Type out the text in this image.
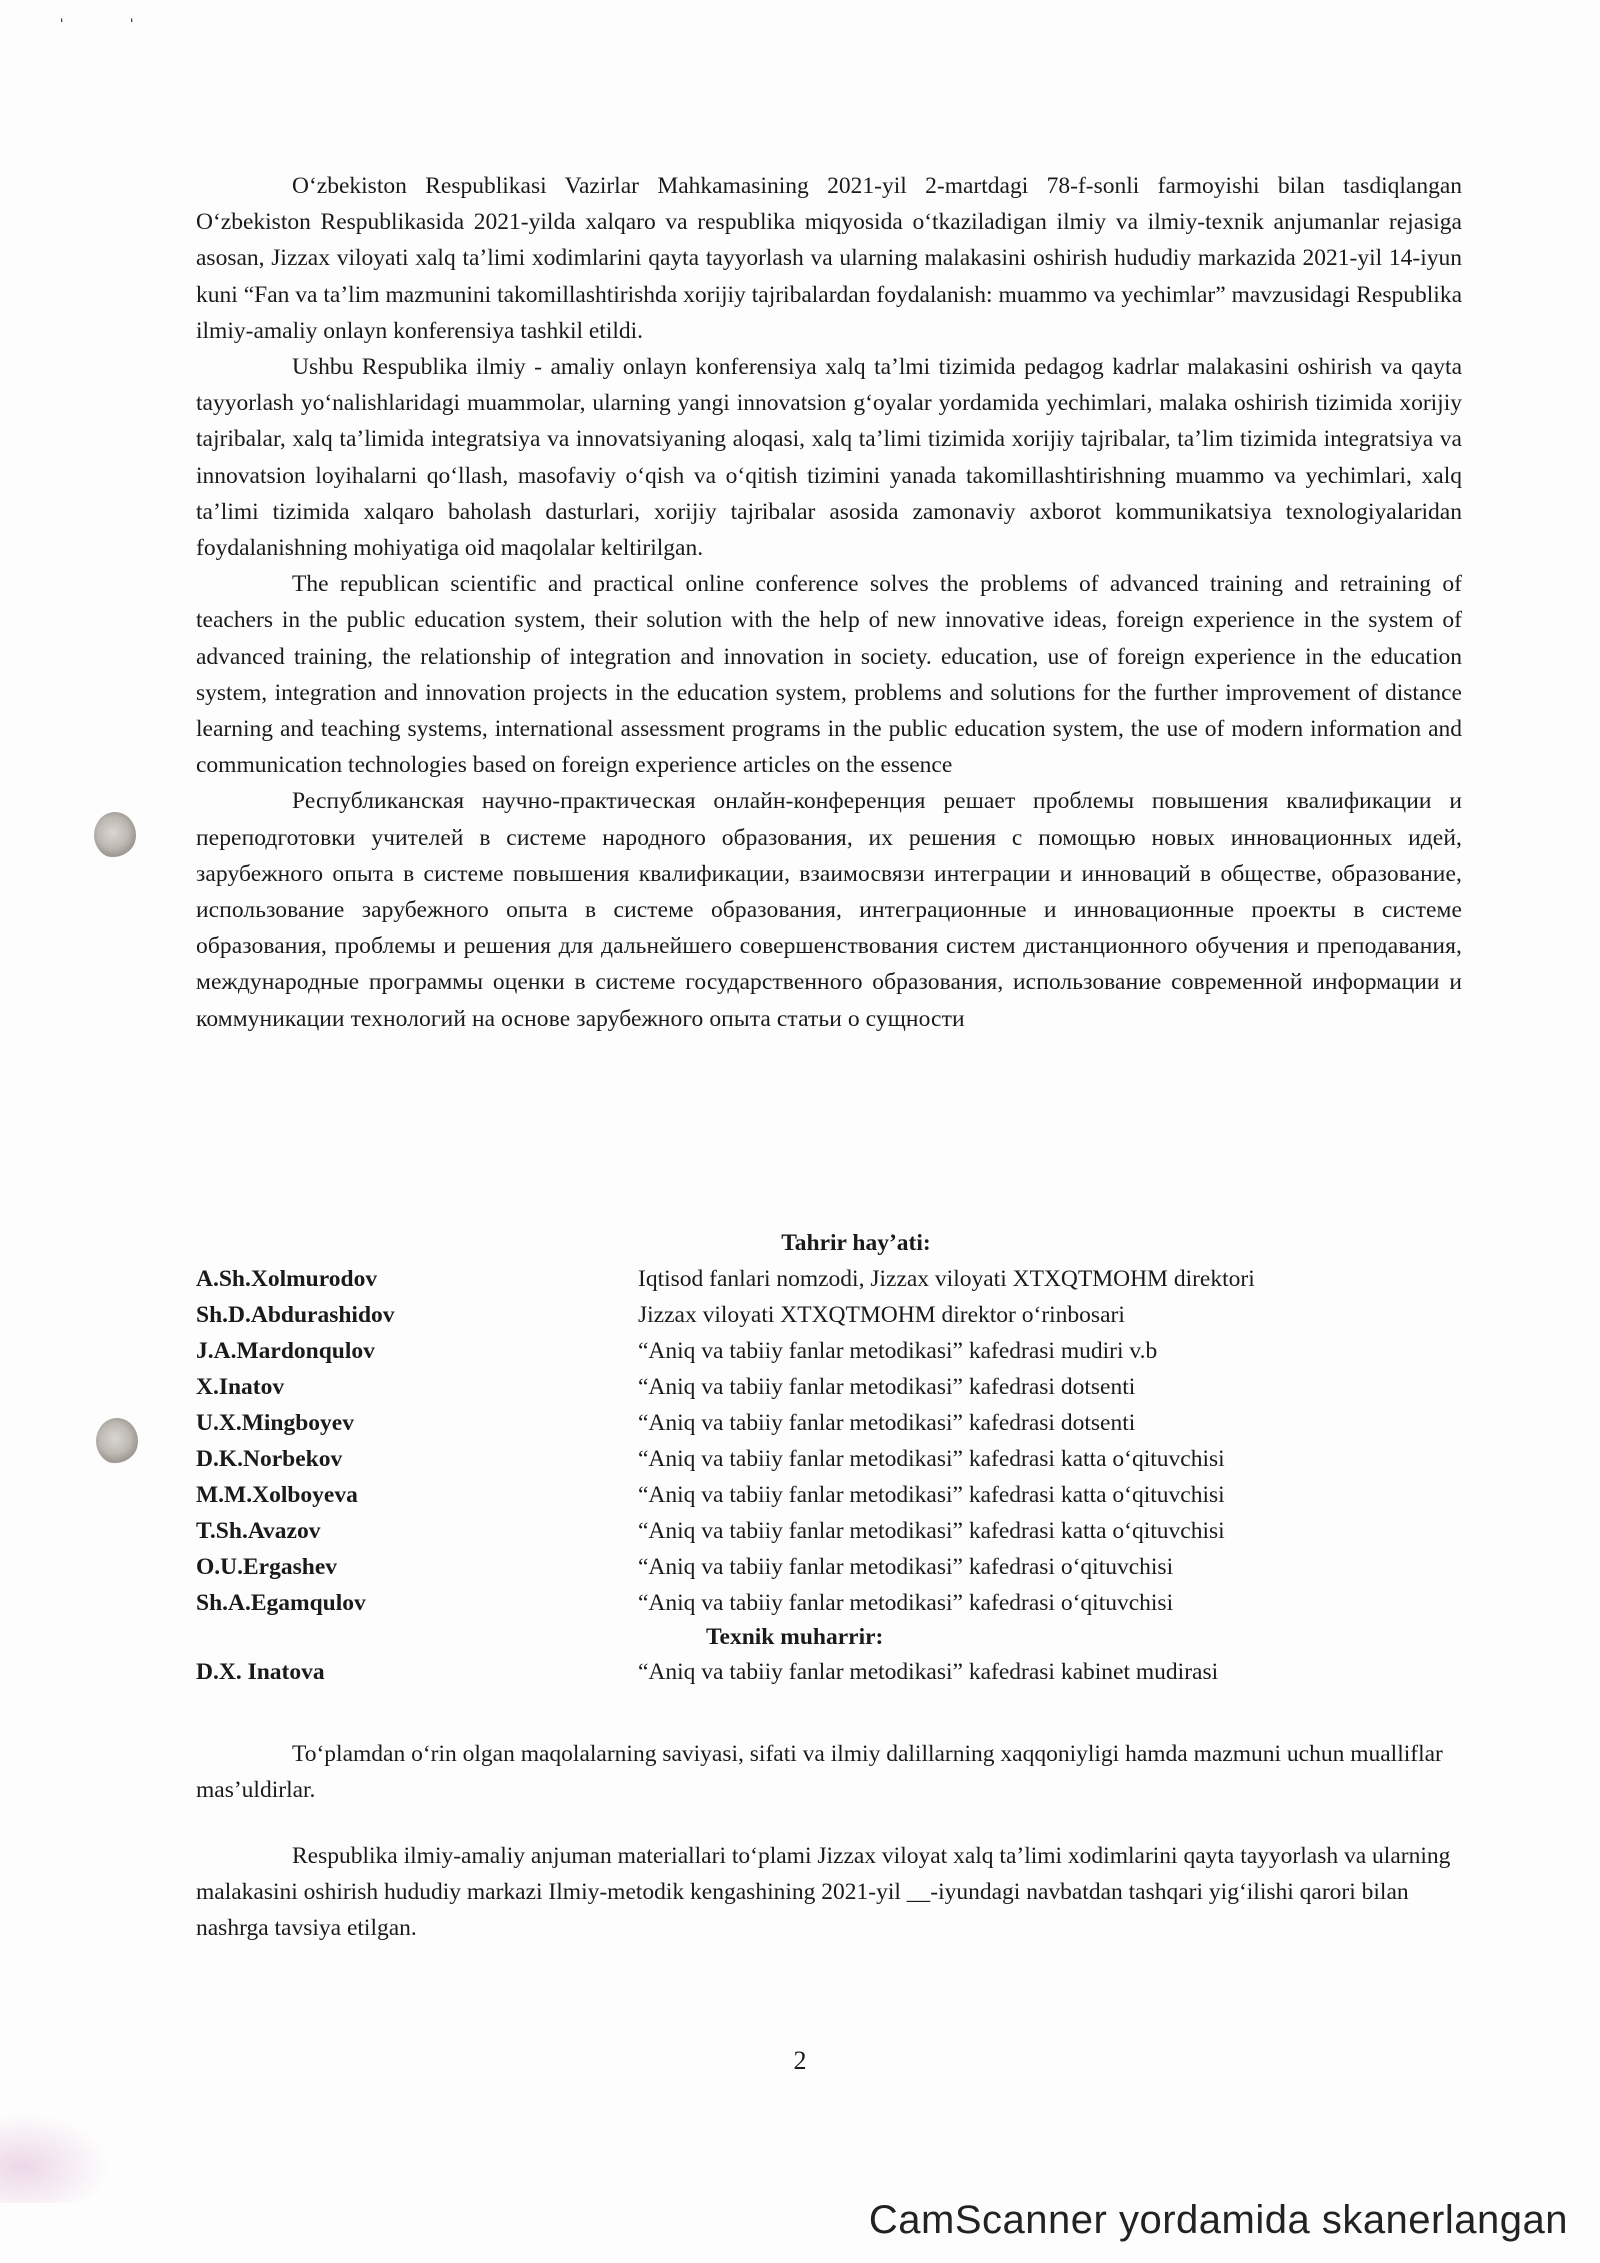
ˈ	ˈ

O‘zbekiston Respublikasi Vazirlar Mahkamasining 2021-yil 2-martdagi 78-f-sonli farmoyishi bilan tasdiqlangan O‘zbekiston Respublikasida 2021-yilda xalqaro va respublika miqyosida o‘tkaziladigan ilmiy va ilmiy-texnik anjumanlar rejasiga asosan, Jizzax viloyati xalq ta’limi xodimlarini qayta tayyorlash va ularning malakasini oshirish hududiy markazida 2021-yil 14-iyun kuni “Fan va ta’lim mazmunini takomillashtirishda xorijiy tajribalardan foydalanish: muammo va yechimlar” mavzusidagi Respublika ilmiy-amaliy onlayn konferensiya tashkil etildi.

Ushbu Respublika ilmiy - amaliy onlayn konferensiya xalq ta’lmi tizimida pedagog kadrlar malakasini oshirish va qayta tayyorlash yo‘nalishlaridagi muammolar, ularning yangi innovatsion g‘oyalar yordamida yechimlari, malaka oshirish tizimida xorijiy tajribalar, xalq ta’limida integratsiya va innovatsiyaning aloqasi, xalq ta’limi tizimida xorijiy tajribalar, ta’lim tizimida integratsiya va innovatsion loyihalarni qo‘llash, masofaviy o‘qish va o‘qitish tizimini yanada takomillashtirishning muammo va yechimlari, xalq ta’limi tizimida xalqaro baholash dasturlari, xorijiy tajribalar asosida zamonaviy axborot kommunikatsiya texnologiyalaridan foydalanishning mohiyatiga oid maqolalar keltirilgan.

The republican scientific and practical online conference solves the problems of advanced training and retraining of teachers in the public education system, their solution with the help of new innovative ideas, foreign experience in the system of advanced training, the relationship of integration and innovation in society. education, use of foreign experience in the education system, integration and innovation projects in the education system, problems and solutions for the further improvement of distance learning and teaching systems, international assessment programs in the public education system, the use of modern information and communication technologies based on foreign experience articles on the essence

Республиканская научно-практическая онлайн-конференция решает проблемы повышения квалификации и переподготовки учителей в системе народного образования, их решения с помощью новых инновационных идей, зарубежного опыта в системе повышения квалификации, взаимосвязи интеграции и инноваций в обществе, образование, использование зарубежного опыта в системе образования, интеграционные и инновационные проекты в системе образования, проблемы и решения для дальнейшего совершенствования систем дистанционного обучения и преподавания, международные программы оценки в системе государственного образования, использование современной информации и коммуникации технологий на основе зарубежного опыта статьи о сущности

Tahrir hay’ati:
A.Sh.Xolmurodov	Iqtisod fanlari nomzodi, Jizzax viloyati XTXQTMOHM direktori
Sh.D.Abdurashidov	Jizzax viloyati XTXQTMOHM direktor o‘rinbosari
J.A.Mardonqulov	“Aniq va tabiiy fanlar metodikasi” kafedrasi mudiri v.b
X.Inatov	“Aniq va tabiiy fanlar metodikasi” kafedrasi dotsenti
U.X.Mingboyev	“Aniq va tabiiy fanlar metodikasi” kafedrasi dotsenti
D.K.Norbekov	“Aniq va tabiiy fanlar metodikasi” kafedrasi katta o‘qituvchisi
M.M.Xolboyeva	“Aniq va tabiiy fanlar metodikasi” kafedrasi katta o‘qituvchisi
T.Sh.Avazov	“Aniq va tabiiy fanlar metodikasi” kafedrasi katta o‘qituvchisi
O.U.Ergashev	“Aniq va tabiiy fanlar metodikasi” kafedrasi o‘qituvchisi
Sh.A.Egamqulov	“Aniq va tabiiy fanlar metodikasi” kafedrasi o‘qituvchisi
Texnik muharrir:
D.X. Inatova	“Aniq va tabiiy fanlar metodikasi” kafedrasi kabinet mudirasi

To‘plamdan o‘rin olgan maqolalarning saviyasi, sifati va ilmiy dalillarning xaqqoniyligi hamda mazmuni uchun mualliflar mas’uldirlar.

Respublika ilmiy-amaliy anjuman materiallari to‘plami Jizzax viloyat xalq ta’limi xodimlarini qayta tayyorlash va ularning malakasini oshirish hududiy markazi Ilmiy-metodik kengashining 2021-yil __-iyundagi navbatdan tashqari yig‘ilishi qarori bilan nashrga tavsiya etilgan.

2
CamScanner yordamida skanerlangan
